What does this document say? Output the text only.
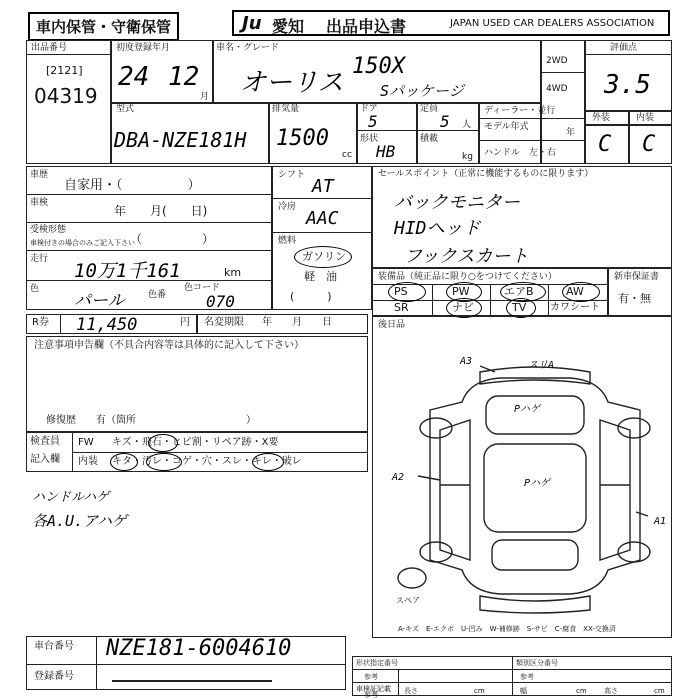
車内保管・守衛保管	Ju 愛知 出品申込書	JAPAN USED CAR DEALERS ASSOCIATION
出品番号
[2121]
04319
初度登録年月
24 12
月
車名・グレード
オーリス
150X
Sパッケージ
2WD
4WD
評価点
3.5
外装	内装
C C
型式
DBA-NZE181H
排気量
1500
cc
ドア
5
定員
5 人
形状
HB
積載
kg
ディーラー・並行
モデル年式
年
ハンドル　左・右
車歴
自家用・（　　　　　）
車検
年　　月(　　日)
受検形態
車検付きの場合のみご記入下さい
（　　　　　）
走行
10万1千161	km
色
パール	色番
色コード
070
シフト
AT
冷房
AAC
燃料
ガソリン
軽　油
(　　　)
セールスポイント（正常に機能するものに限ります）
バックモニター
HIDヘッド
フックスカート
装備品（純正品に限り○をつけてください）
PS	PW	エアB	AW
SR	ナビ	TV カワシート
新車保証書
有・無
R券 11,450	円 名変期限 年　　月　　日	後日品
注意事項申告欄（不具合内容等は具体的に記入して下さい）
修復歴　　有（箇所　　　　　　　　　　　）
検査員
記入欄
FW キズ・飛石・ヒビ割・リペア跡・X要
内装 キタ・汚レ・コゲ・穴・スレ・キレ・破レ
ハンドルハゲ
各A.U.アハゲ
A3	スリA
Pハゲ
Pハゲ
A2
A1
スペア
A-キズ　E-エクボ　U-凹み　W-補修跡　S-サビ　C-腐食　XX-交換済
車台番号 NZE181-6004610
登録番号
形状指定番号
参考
類別区分番号
参考
車検証記載
参考	長さ	cm	幅	cm 高さ	cm
